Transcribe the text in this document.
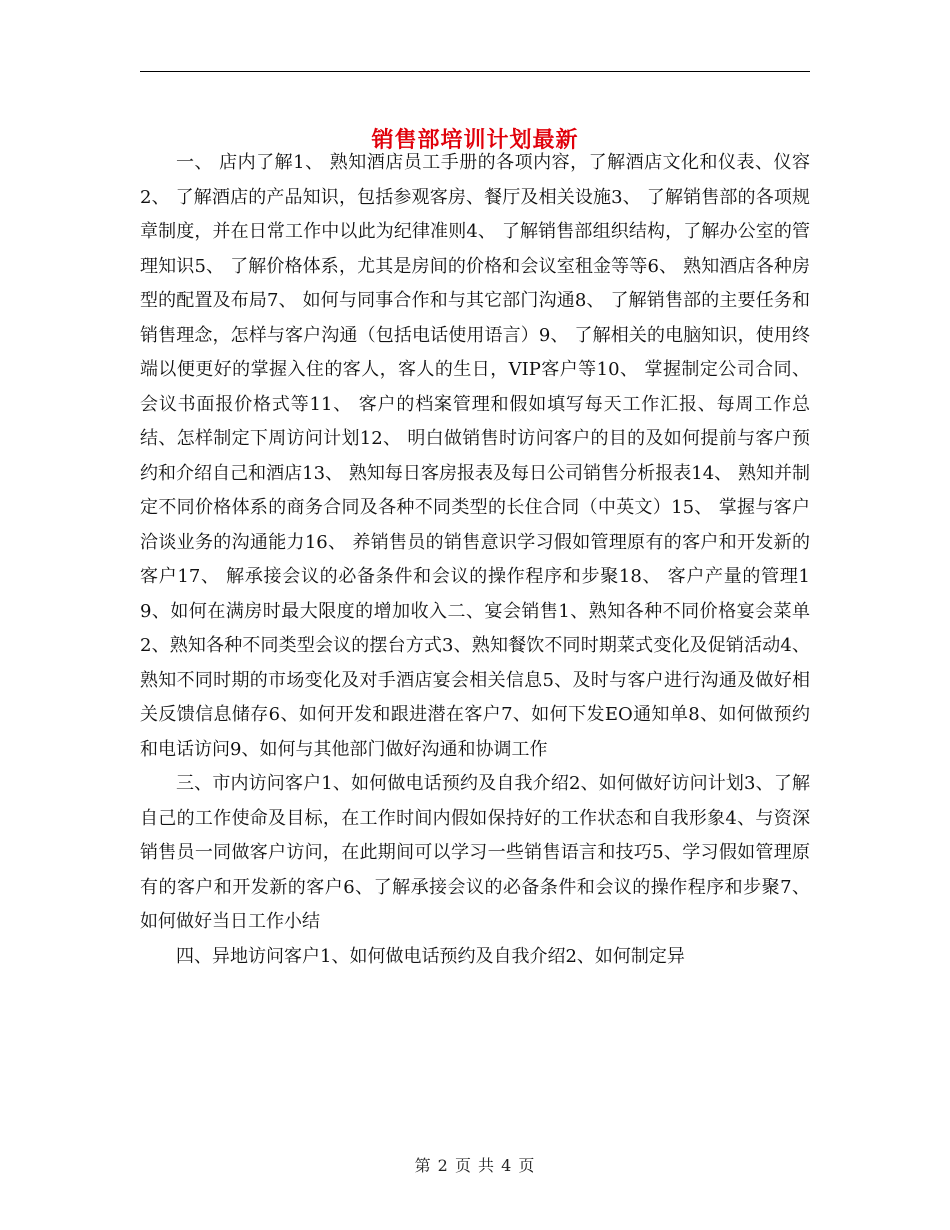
销售部培训计划最新

一、 店内了解1、 熟知酒店员工手册的各项内容，了解酒店文化和仪表、仪容2、 了解酒店的产品知识，包括参观客房、餐厅及相关设施3、 了解销售部的各项规章制度，并在日常工作中以此为纪律准则4、 了解销售部组织结构，了解办公室的管理知识5、 了解价格体系，尤其是房间的价格和会议室租金等等6、 熟知酒店各种房型的配置及布局7、 如何与同事合作和与其它部门沟通8、 了解销售部的主要任务和销售理念，怎样与客户沟通（包括电话使用语言）9、 了解相关的电脑知识，使用终端以便更好的掌握入住的客人，客人的生日，VIP客户等10、 掌握制定公司合同、会议书面报价格式等11、 客户的档案管理和假如填写每天工作汇报、每周工作总结、怎样制定下周访问计划12、 明白做销售时访问客户的目的及如何提前与客户预约和介绍自己和酒店13、 熟知每日客房报表及每日公司销售分析报表14、 熟知并制定不同价格体系的商务合同及各种不同类型的长住合同（中英文）15、 掌握与客户洽谈业务的沟通能力16、 养销售员的销售意识学习假如管理原有的客户和开发新的客户17、 解承接会议的必备条件和会议的操作程序和步聚18、 客户产量的管理19、如何在满房时最大限度的增加收入二、宴会销售1、熟知各种不同价格宴会菜单2、熟知各种不同类型会议的摆台方式3、熟知餐饮不同时期菜式变化及促销活动4、熟知不同时期的市场变化及对手酒店宴会相关信息5、及时与客户进行沟通及做好相关反馈信息储存6、如何开发和跟进潜在客户7、如何下发EO通知单8、如何做预约和电话访问9、如何与其他部门做好沟通和协调工作

三、市内访问客户1、如何做电话预约及自我介绍2、如何做好访问计划3、了解自己的工作使命及目标，在工作时间内假如保持好的工作状态和自我形象4、与资深销售员一同做客户访问，在此期间可以学习一些销售语言和技巧5、学习假如管理原有的客户和开发新的客户6、了解承接会议的必备条件和会议的操作程序和步聚7、如何做好当日工作小结

四、异地访问客户1、如何做电话预约及自我介绍2、如何制定异

第 2 页 共 4 页
